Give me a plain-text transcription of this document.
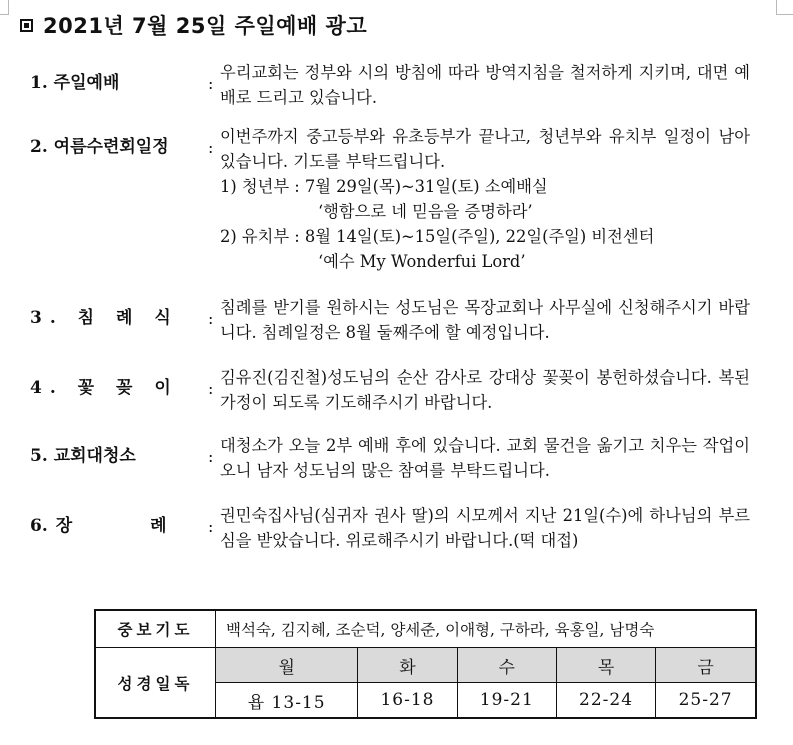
2021년 7월 25일 주일예배 광고
1. 주일예배	:
우리교회는 정부와 시의 방침에 따라 방역지침을 철저하게 지키며, 대면 예배로 드리고 있습니다.
2. 여름수련회일정 :
이번주까지 중고등부와 유초등부가 끝나고, 청년부와 유치부 일정이 남아 있습니다. 기도를 부탁드립니다.
1) 청년부 : 7월 29일(목)~31일(토) 소예배실
‘행함으로 네 믿음을 증명하라’
2) 유치부 : 8월 14일(토)~15일(주일), 22일(주일) 비전센터
‘예수 My Wonderfui Lord’
3. 침 례 식 :
침례를 받기를 원하시는 성도님은 목장교회나 사무실에 신청해주시기 바랍니다. 침례일정은 8월 둘째주에 할 예정입니다.
4. 꽃 꽂 이 :
김유진(김진철)성도님의 순산 감사로 강대상 꽃꽂이 봉헌하셨습니다. 복된 가정이 되도록 기도해주시기 바랍니다.
5. 교회대청소	:
대청소가 오늘 2부 예배 후에 있습니다. 교회 물건을 옮기고 치우는 작업이오니 남자 성도님의 많은 참여를 부탁드립니다.
6. 장 례 :
권민숙집사님(심귀자 권사 딸)의 시모께서 지난 21일(수)에 하나님의 부르심을 받았습니다. 위로해주시기 바랍니다.(떡 대접)
중보기도	백석숙, 김지혜, 조순덕, 양세준, 이애형, 구하라, 육홍일, 남명숙				
성경일독	월	화	수	목	금
	욥 13-15	16-18	19-21	22-24	25-27
